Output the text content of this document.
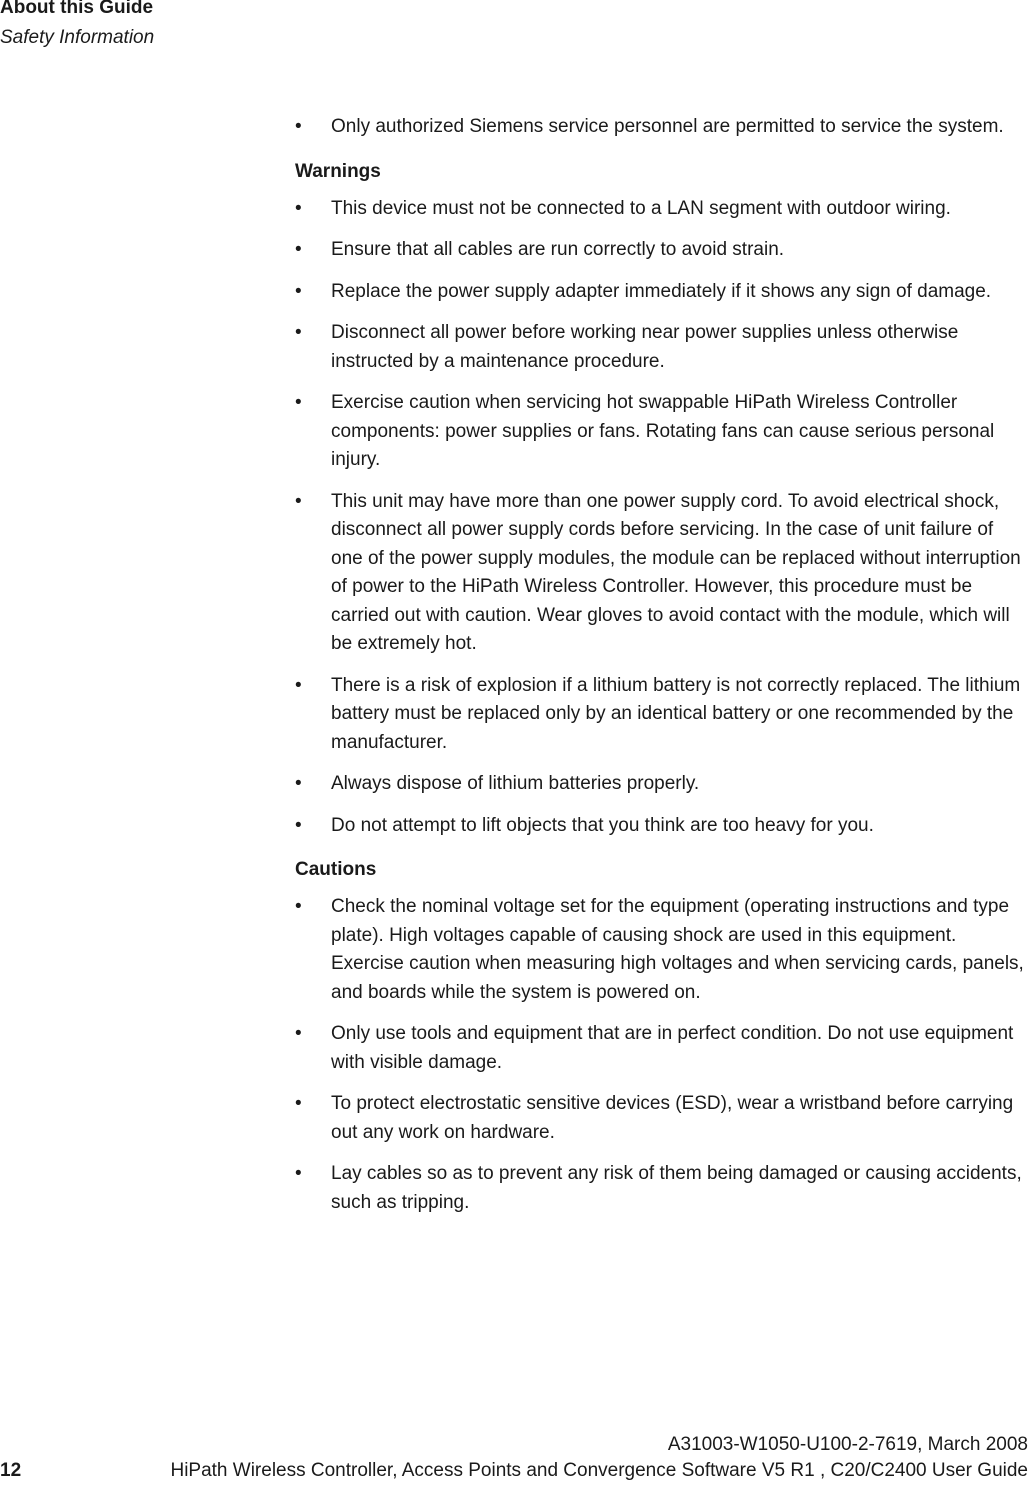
About this Guide
Safety Information
• Only authorized Siemens service personnel are permitted to service the system.
Warnings
• This device must not be connected to a LAN segment with outdoor wiring.
• Ensure that all cables are run correctly to avoid strain.
• Replace the power supply adapter immediately if it shows any sign of damage.
• Disconnect all power before working near power supplies unless otherwise instructed by a maintenance procedure.
• Exercise caution when servicing hot swappable HiPath Wireless Controller components: power supplies or fans. Rotating fans can cause serious personal injury.
• This unit may have more than one power supply cord. To avoid electrical shock, disconnect all power supply cords before servicing. In the case of unit failure of one of the power supply modules, the module can be replaced without interruption of power to the HiPath Wireless Controller. However, this procedure must be carried out with caution. Wear gloves to avoid contact with the module, which will be extremely hot.
• There is a risk of explosion if a lithium battery is not correctly replaced. The lithium battery must be replaced only by an identical battery or one recommended by the manufacturer.
• Always dispose of lithium batteries properly.
• Do not attempt to lift objects that you think are too heavy for you.
Cautions
• Check the nominal voltage set for the equipment (operating instructions and type plate). High voltages capable of causing shock are used in this equipment. Exercise caution when measuring high voltages and when servicing cards, panels, and boards while the system is powered on.
• Only use tools and equipment that are in perfect condition. Do not use equipment with visible damage.
• To protect electrostatic sensitive devices (ESD), wear a wristband before carrying out any work on hardware.
• Lay cables so as to prevent any risk of them being damaged or causing accidents, such as tripping.
A31003-W1050-U100-2-7619, March 2008
12	HiPath Wireless Controller, Access Points and Convergence Software V5 R1 , C20/C2400 User Guide
